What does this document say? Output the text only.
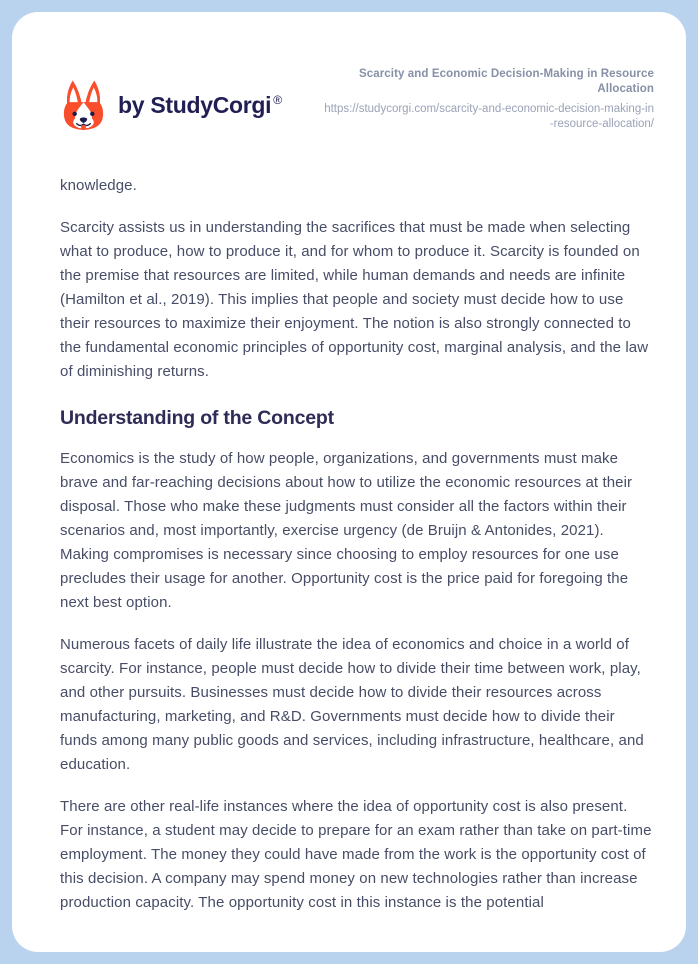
by StudyCorgi ®
Scarcity and Economic Decision-Making in Resource Allocation
https://studycorgi.com/scarcity-and-economic-decision-making-in-resource-allocation/

knowledge.

Scarcity assists us in understanding the sacrifices that must be made when selecting what to produce, how to produce it, and for whom to produce it. Scarcity is founded on the premise that resources are limited, while human demands and needs are infinite (Hamilton et al., 2019). This implies that people and society must decide how to use their resources to maximize their enjoyment. The notion is also strongly connected to the fundamental economic principles of opportunity cost, marginal analysis, and the law of diminishing returns.

Understanding of the Concept

Economics is the study of how people, organizations, and governments must make brave and far-reaching decisions about how to utilize the economic resources at their disposal. Those who make these judgments must consider all the factors within their scenarios and, most importantly, exercise urgency (de Bruijn & Antonides, 2021). Making compromises is necessary since choosing to employ resources for one use precludes their usage for another. Opportunity cost is the price paid for foregoing the next best option.

Numerous facets of daily life illustrate the idea of economics and choice in a world of scarcity. For instance, people must decide how to divide their time between work, play, and other pursuits. Businesses must decide how to divide their resources across manufacturing, marketing, and R&D. Governments must decide how to divide their funds among many public goods and services, including infrastructure, healthcare, and education.

There are other real-life instances where the idea of opportunity cost is also present. For instance, a student may decide to prepare for an exam rather than take on part-time employment. The money they could have made from the work is the opportunity cost of this decision. A company may spend money on new technologies rather than increase production capacity. The opportunity cost in this instance is the potential
